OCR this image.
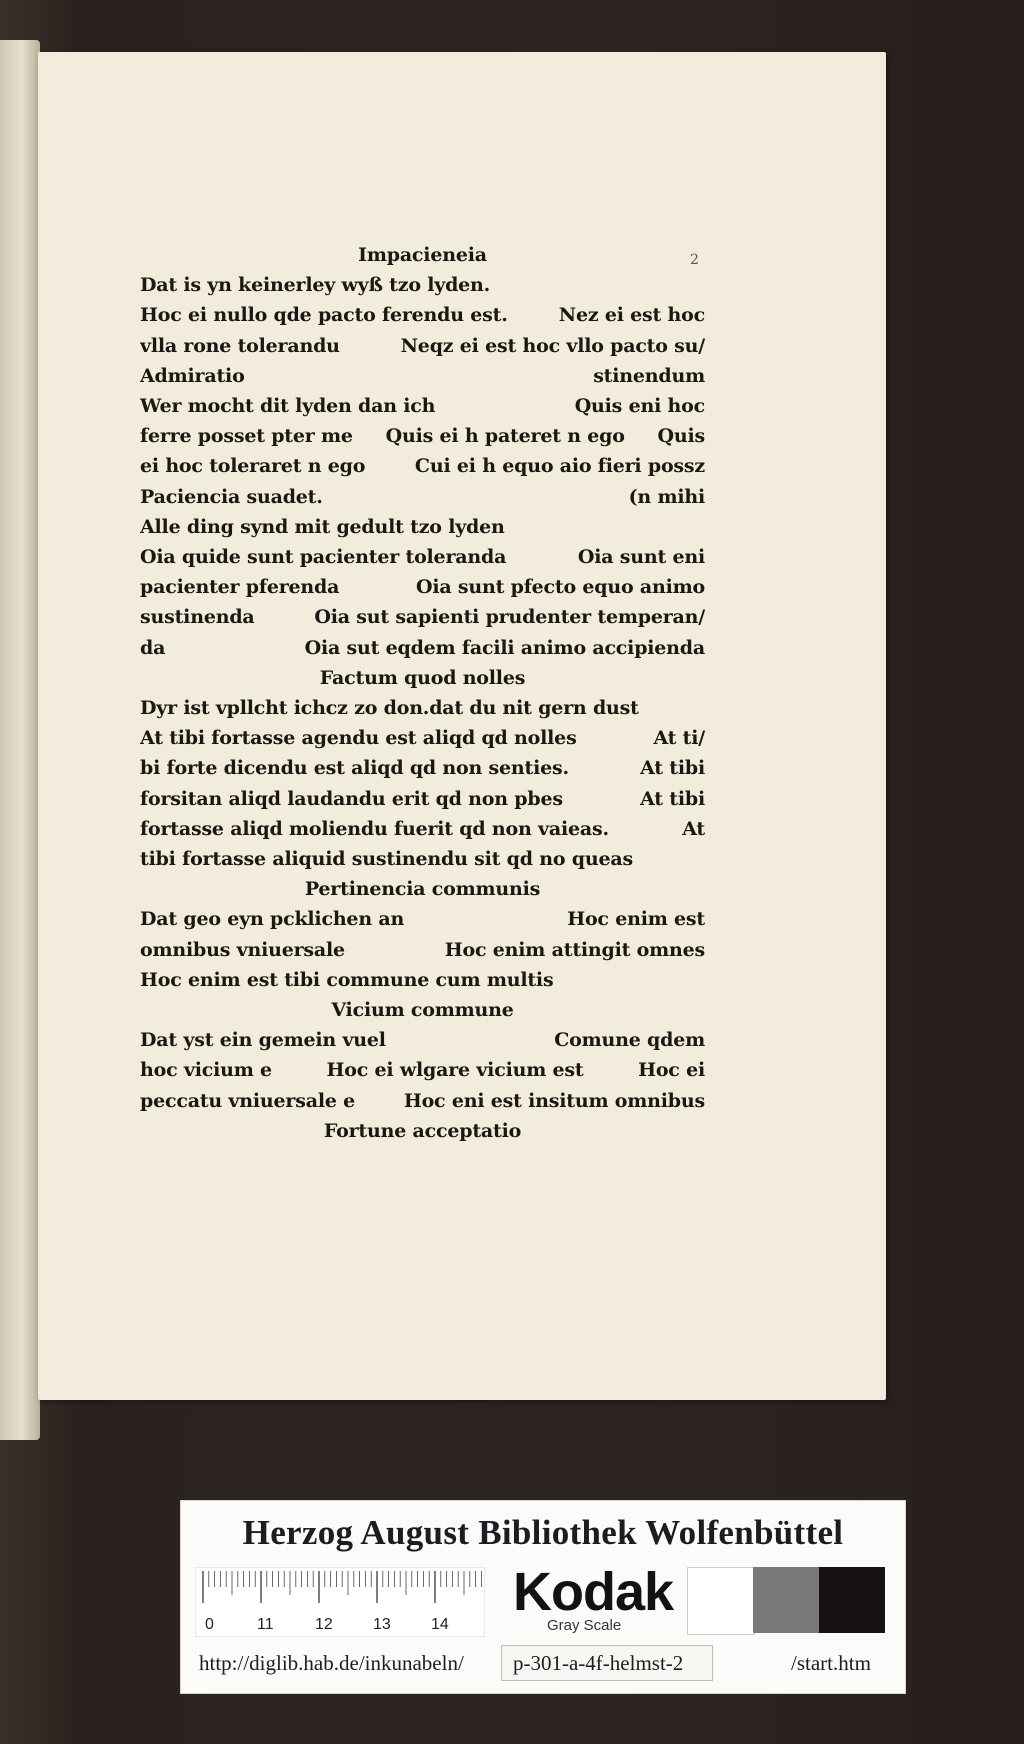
2
Impacieneia
Dat is yn keinerley wyß tzo lyden.
Hoc ei nullo qde pacto ferendu est.	Nez ei est hoc
vlla rone tolerandu	Neqz ei est hoc vllo pacto su/
Admiratio	stinendum
Wer mocht dit lyden dan ich	Quis eni hoc
ferre posset pter me Quis ei h pateret n ego Quis
ei hoc toleraret n ego	Cui ei h equo aio fieri possz
Paciencia suadet.	(n mihi
Alle ding synd mit gedult tzo lyden
Oia quide sunt pacienter toleranda	Oia sunt eni
pacienter pferenda	Oia sunt pfecto equo animo
sustinenda	Oia sut sapienti prudenter temperan/
da	Oia sut eqdem facili animo accipienda
Factum quod nolles
Dyr ist vpllcht ichcz zo don.dat du nit gern dust
At tibi fortasse agendu est aliqd qd nolles	At ti/
bi forte dicendu est aliqd qd non senties.	At tibi
forsitan aliqd laudandu erit qd non pbes	At tibi
fortasse aliqd moliendu fuerit qd non vaieas.	At
tibi fortasse aliquid sustinendu sit qd no queas
Pertinencia communis
Dat geo eyn pcklichen an	Hoc enim est
omnibus vniuersale	Hoc enim attingit omnes
Hoc enim est tibi commune cum multis
Vicium commune
Dat yst ein gemein vuel	Comune qdem
hoc vicium e	Hoc ei wlgare vicium est	Hoc ei
peccatu vniuersale e	Hoc eni est insitum omnibus
Fortune acceptatio
Herzog August Bibliothek Wolfenbüttel
0	11	12	13	14
Kodak
Gray Scale
http://diglib.hab.de/inkunabeln/ p-301-a-4f-helmst-2	/start.htm
